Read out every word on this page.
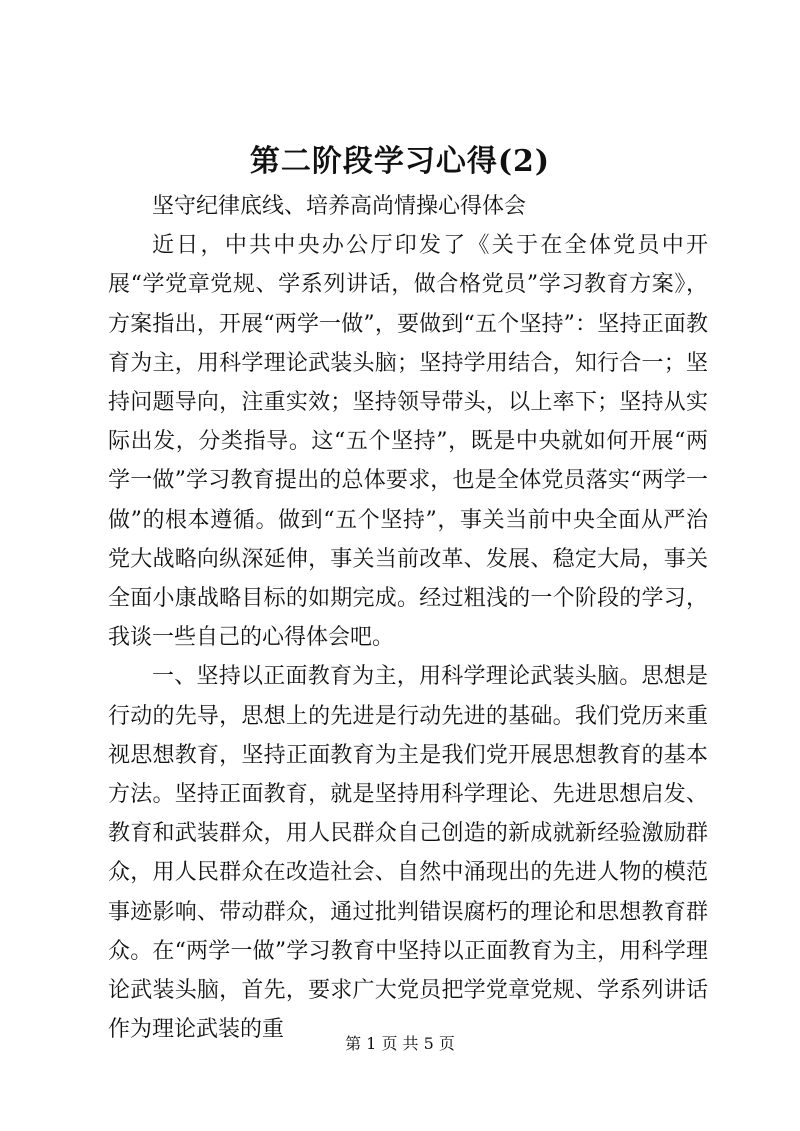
第二阶段学习心得(2)

坚守纪律底线、培养高尚情操心得体会

近日，中共中央办公厅印发了《关于在全体党员中开展“学党章党规、学系列讲话，做合格党员”学习教育方案》，方案指出，开展“两学一做”，要做到“五个坚持”：坚持正面教育为主，用科学理论武装头脑；坚持学用结合，知行合一；坚持问题导向，注重实效；坚持领导带头，以上率下；坚持从实际出发，分类指导。这“五个坚持”，既是中央就如何开展“两学一做”学习教育提出的总体要求，也是全体党员落实“两学一做”的根本遵循。做到“五个坚持”，事关当前中央全面从严治党大战略向纵深延伸，事关当前改革、发展、稳定大局，事关全面小康战略目标的如期完成。经过粗浅的一个阶段的学习，我谈一些自己的心得体会吧。

一、坚持以正面教育为主，用科学理论武装头脑。思想是行动的先导，思想上的先进是行动先进的基础。我们党历来重视思想教育，坚持正面教育为主是我们党开展思想教育的基本方法。坚持正面教育，就是坚持用科学理论、先进思想启发、教育和武装群众，用人民群众自己创造的新成就新经验激励群众，用人民群众在改造社会、自然中涌现出的先进人物的模范事迹影响、带动群众，通过批判错误腐朽的理论和思想教育群众。在“两学一做”学习教育中坚持以正面教育为主，用科学理论武装头脑，首先，要求广大党员把学党章党规、学系列讲话作为理论武装的重

第 1 页 共 5 页
